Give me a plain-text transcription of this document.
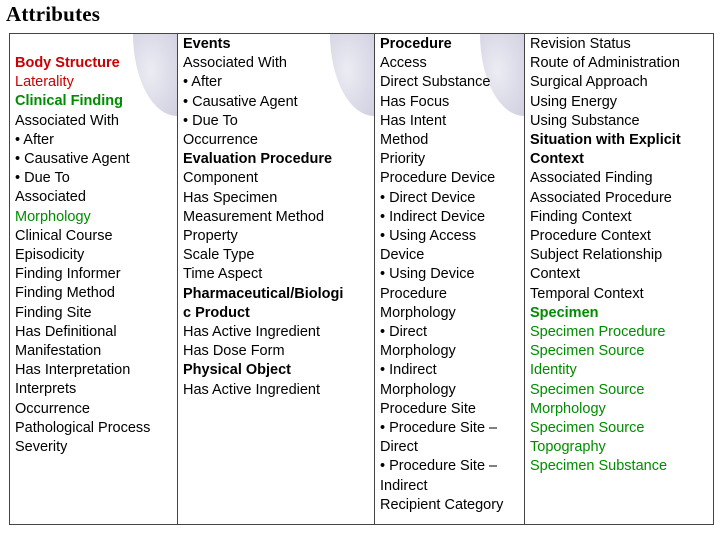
Attributes
Body Structure
Laterality
Clinical Finding
Associated With
• After
• Causative Agent
• Due To
Associated
Morphology
Clinical Course
Episodicity
Finding Informer
Finding Method
Finding Site
Has Definitional
Manifestation
Has Interpretation
Interprets
Occurrence
Pathological Process
Severity
Events
Associated With
• After
• Causative Agent
• Due To
Occurrence
Evaluation Procedure
Component
Has Specimen
Measurement Method
Property
Scale Type
Time Aspect
Pharmaceutical/Biologi
c Product
Has Active Ingredient
Has Dose Form
Physical Object
Has Active Ingredient
Procedure
Access
Direct Substance
Has Focus
Has Intent
Method
Priority
Procedure Device
• Direct Device
• Indirect Device
• Using Access
Device
• Using Device
Procedure
Morphology
• Direct
Morphology
• Indirect
Morphology
Procedure Site
• Procedure Site –
Direct
• Procedure Site –
Indirect
Recipient Category
Revision Status
Route of Administration
Surgical Approach
Using Energy
Using Substance
Situation with Explicit
Context
Associated Finding
Associated Procedure
Finding Context
Procedure Context
Subject Relationship
Context
Temporal Context
Specimen
Specimen Procedure
Specimen Source
Identity
Specimen Source
Morphology
Specimen Source
Topography
Specimen Substance
